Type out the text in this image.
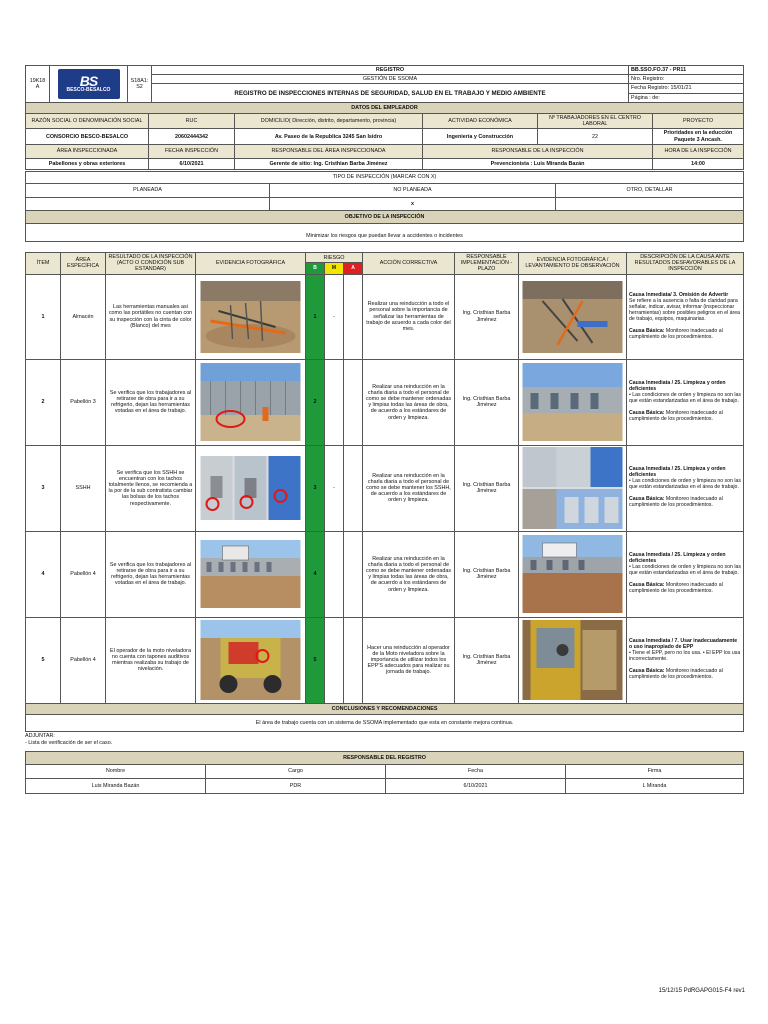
19K18A	BS
BESCO-BESALCO	S18A1:S2	REGISTRO	BB.SSO.FO.37 - PR11
			GESTIÓN DE SSOMA	Nro. Registro:
			REGISTRO DE INSPECCIONES INTERNAS DE SEGURIDAD, SALUD EN EL TRABAJO Y MEDIO AMBIENTE	Fecha Registro: 15/01/21
				Página : de:
DATOS DEL EMPLEADOR					
RAZÓN SOCIAL O DENOMINACIÓN SOCIAL	RUC	DOMICILIO( Dirección, distrito, departamento, provincia)	ACTIVIDAD ECONÓMICA	Nº TRABAJADORES EN EL CENTRO LABORAL	PROYECTO
CONSORCIO BESCO-BESALCO	20602444342	Av. Paseo de la Republica 3245 San Isidro	Ingeniería y Construcción	22	Prioridades en la educción Paquete 3 Ancash.
ÁREA INSPECCIONADA	FECHA INSPECCIÓN	RESPONSABLE DEL ÁREA INSPECCIONADA	RESPONSABLE DE LA INSPECCIÓN		HORA DE LA INSPECCIÓN
Pabellones y obras exteriores	6/10/2021	Gerente de sitio: Ing. Cristhian Barba Jiménez	Prevencionista : Luis Miranda Bazán		14:00
TIPO DE INSPECCIÓN (MARCAR CON X)		
PLANEADA	NO PLANEADA	OTRO, DETALLAR
	x	
OBJETIVO DE LA INSPECCIÓN		

Minimizar los riesgos que puedan llevar a accidentes o incidentes		
ÍTEM	ÁREA ESPECÍFICA	RESULTADO DE LA INSPECCIÓN (ACTO O CONDICIÓN SUB ESTANDAR)	EVIDENCIA FOTOGRÁFICA	RIESGO			ACCIÓN CORRECTIVA	RESPONSABLE IMPLEMENTACIÓN - PLAZO	EVIDENCIA FOTOGRÁFICA / LEVANTAMIENTO DE OBSERVACIÓN	DESCRIPCIÓN DE LA CAUSA ANTE RESULTADOS DESFAVORABLES DE LA INSPECCIÓN
				B	M	A				
1	Almacén	Las herramientas manuales asi como las portátiles no cuentan con su inspección con la cinta de color (Blanco) del mes		1	-		Realizar una reinducción a todo el personal sobre la importancia de señalizar las herramientas de trabajo de acuerdo a cada color del mes.	Ing. Cristhian Barba Jiménez		Causa Inmediata/ 3. Omisión de Advertir
Se refiere a la ausencia o falta de claridad para señalar, indicar, avisar, informar (inspeccionar herramientas) sobre posibles peligros en el área de trabajo, equipos, maquinarias.

Causa Básica: Monitoreo inadecuado al cumplimiento de los procedimientos.
2	Pabellón 3	Se verifica que los trabajadores al retirarse de obra para ir a su refrigerio, dejan las herramientas votadas en el área de trabajo.		2			Realizar una reinducción en la charla diaria a todo el personal de como se debe mantener ordenadas y limpias todas las áreas de obra, de acuerdo a los estándares de orden y limpieza.	Ing. Cristhian Barba Jiménez		Causa Inmediata / 25. Limpieza y orden deficientes
• Las condiciones de orden y limpieza no son las que están estandarizadas en el área de trabajo.

Causa Básica: Monitoreo inadecuado al cumplimiento de los procedimientos.
3	SSHH	Se verifica que los SSHH se encuentran con los tachos totalmente llenos, se recomienda a la por de la sub contratista cambiar las bolsas de los tachos respectivamente.		3	-		Realizar una reinducción en la charla diaria a todo el personal de como se debe mantener los SSHH, de acuerdo a los estándares de orden y limpieza.	Ing. Cristhian Barba Jiménez		Causa Inmediata / 25. Limpieza y orden deficientes
• Las condiciones de orden y limpieza no son las que están estandarizadas en el área de trabajo.

Causa Básica: Monitoreo inadecuado al cumplimiento de los procedimientos.
4	Pabellón 4	Se verifica que los trabajadores al retirarse de obra para ir a su refrigerio, dejan las herramientas votadas en el área de trabajo.		4			Realizar una reinducción en la charla diaria a todo el personal de como se debe mantener ordenadas y limpias todas las áreas de obra, de acuerdo a los estándares de orden y limpieza.	Ing. Cristhian Barba Jiménez		Causa Inmediata / 25. Limpieza y orden deficientes
• Las condiciones de orden y limpieza no son las que están estandarizadas en el área de trabajo.

Causa Básica: Monitoreo inadecuado al cumplimiento de los procedimientos.
5	Pabellón 4	El operador de la moto niveladora no cuenta con tapones auditivos mientras realizaba su trabajo de nivelación.		5			Hacer una reinducción al operador de la Moto niveladora sobre la importancia de utilizar todos los EPP'S adecuados para realizar su jornada de trabajo.	Ing. Cristhian Barba Jiménez		Causa Inmediata / 7. Usar inadecuadamente o uso inapropiado de EPP
• Tiene el EPP, pero no los usa. • El EPP los usa incorrectamente.

Causa Básica: Monitoreo inadecuado al cumplimiento de los procedimientos.
CONCLUSIONES Y RECOMENDACIONES										
El área de trabajo cuenta con un sistema de SSOMA implementado que esta en constante mejora continua.										
ADJUNTAR:
- Lista de verificación de ser el caso.
RESPONSABLE DEL REGISTRO			
Nombre	Cargo	Fecha	Firma
Luis Miranda Bazán	PDR	6/10/2021	L Miranda
15/12/15 PdRGAPG015-F4 rev1
